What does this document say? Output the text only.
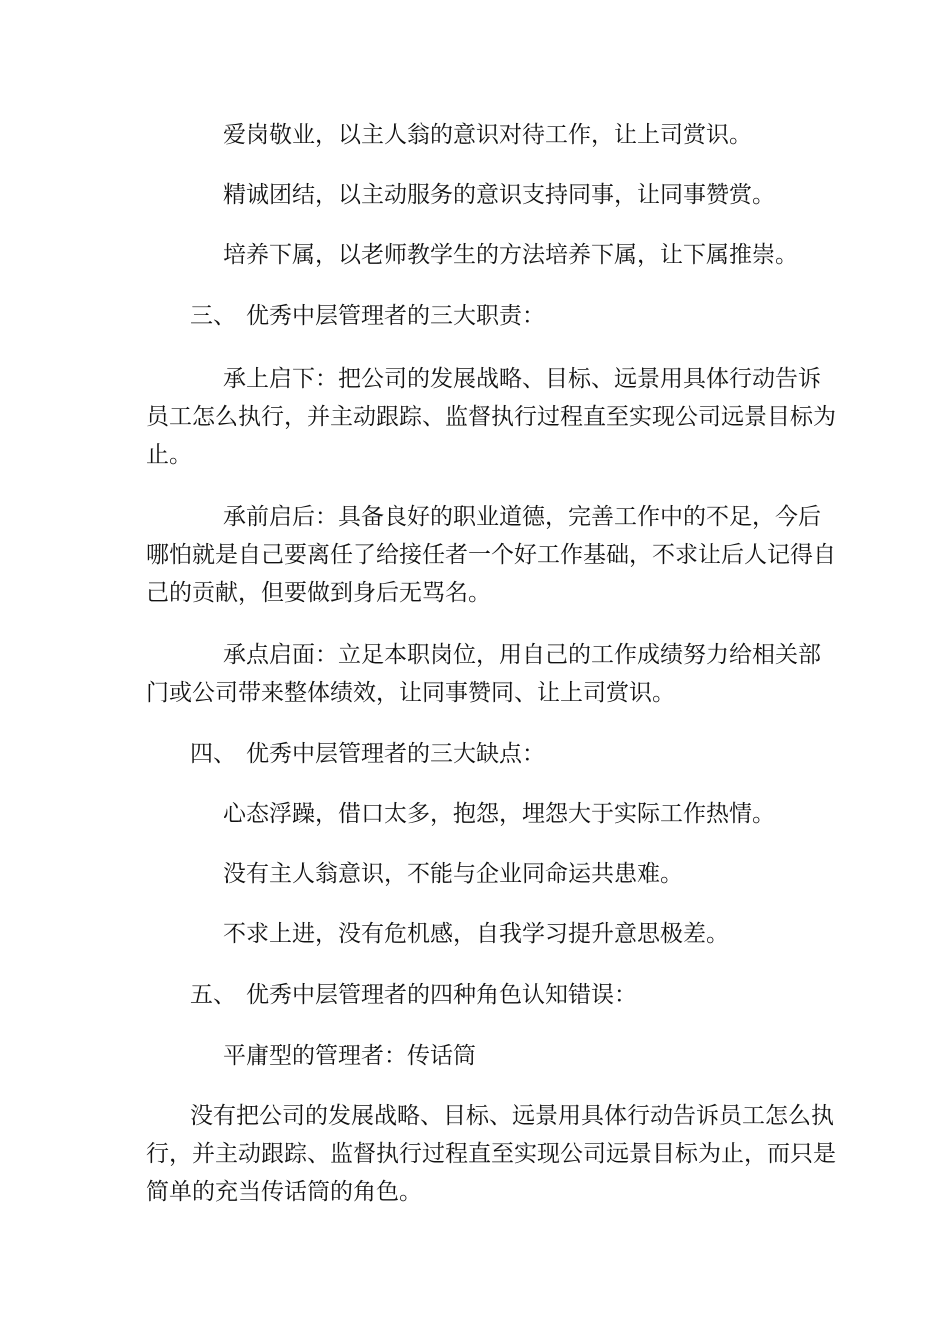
爱岗敬业，以主人翁的意识对待工作，让上司赏识。
精诚团结，以主动服务的意识支持同事，让同事赞赏。
培养下属，以老师教学生的方法培养下属，让下属推崇。
三、 优秀中层管理者的三大职责：
承上启下：把公司的发展战略、目标、远景用具体行动告诉
员工怎么执行，并主动跟踪、监督执行过程直至实现公司远景目标为
止。
承前启后：具备良好的职业道德，完善工作中的不足，今后
哪怕就是自己要离任了给接任者一个好工作基础，不求让后人记得自
己的贡献，但要做到身后无骂名。
承点启面：立足本职岗位，用自己的工作成绩努力给相关部
门或公司带来整体绩效，让同事赞同、让上司赏识。
四、 优秀中层管理者的三大缺点：
心态浮躁，借口太多，抱怨，埋怨大于实际工作热情。
没有主人翁意识，不能与企业同命运共患难。
不求上进，没有危机感，自我学习提升意思极差。
五、 优秀中层管理者的四种角色认知错误：
平庸型的管理者：传话筒
没有把公司的发展战略、目标、远景用具体行动告诉员工怎么执
行，并主动跟踪、监督执行过程直至实现公司远景目标为止，而只是
简单的充当传话筒的角色。
